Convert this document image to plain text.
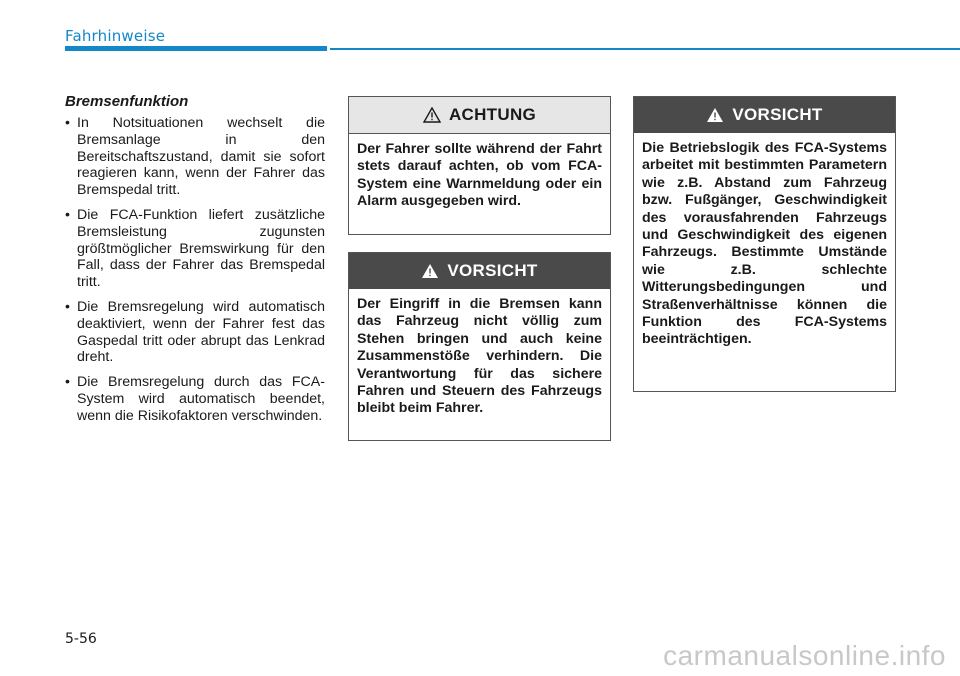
Fahrhinweise
Bremsenfunktion
• In Notsituationen wechselt die Bremsanlage in den Bereitschaftszustand, damit sie sofort reagieren kann, wenn der Fahrer das Bremspedal tritt.
• Die FCA-Funktion liefert zusätzliche Bremsleistung zugunsten größtmöglicher Bremswirkung für den Fall, dass der Fahrer das Bremspedal tritt.
• Die Bremsregelung wird automatisch deaktiviert, wenn der Fahrer fest das Gaspedal tritt oder abrupt das Lenkrad dreht.
• Die Bremsregelung durch das FCA-System wird automatisch beendet, wenn die Risikofaktoren verschwinden.
ACHTUNG
Der Fahrer sollte während der Fahrt stets darauf achten, ob vom FCA-System eine Warnmeldung oder ein Alarm ausgegeben wird.
VORSICHT
Der Eingriff in die Bremsen kann das Fahrzeug nicht völlig zum Stehen bringen und auch keine Zusammenstöße verhindern. Die Verantwortung für das sichere Fahren und Steuern des Fahrzeugs bleibt beim Fahrer.
VORSICHT
Die Betriebslogik des FCA-Systems arbeitet mit bestimmten Parametern wie z.B. Abstand zum Fahrzeug bzw. Fußgänger, Geschwindigkeit des vorausfahrenden Fahrzeugs und Geschwindigkeit des eigenen Fahrzeugs. Bestimmte Umstände wie z.B. schlechte Witterungsbedingungen und Straßenverhältnisse können die Funktion des FCA-Systems beeinträchtigen.
5-56
carmanualsonline.info
